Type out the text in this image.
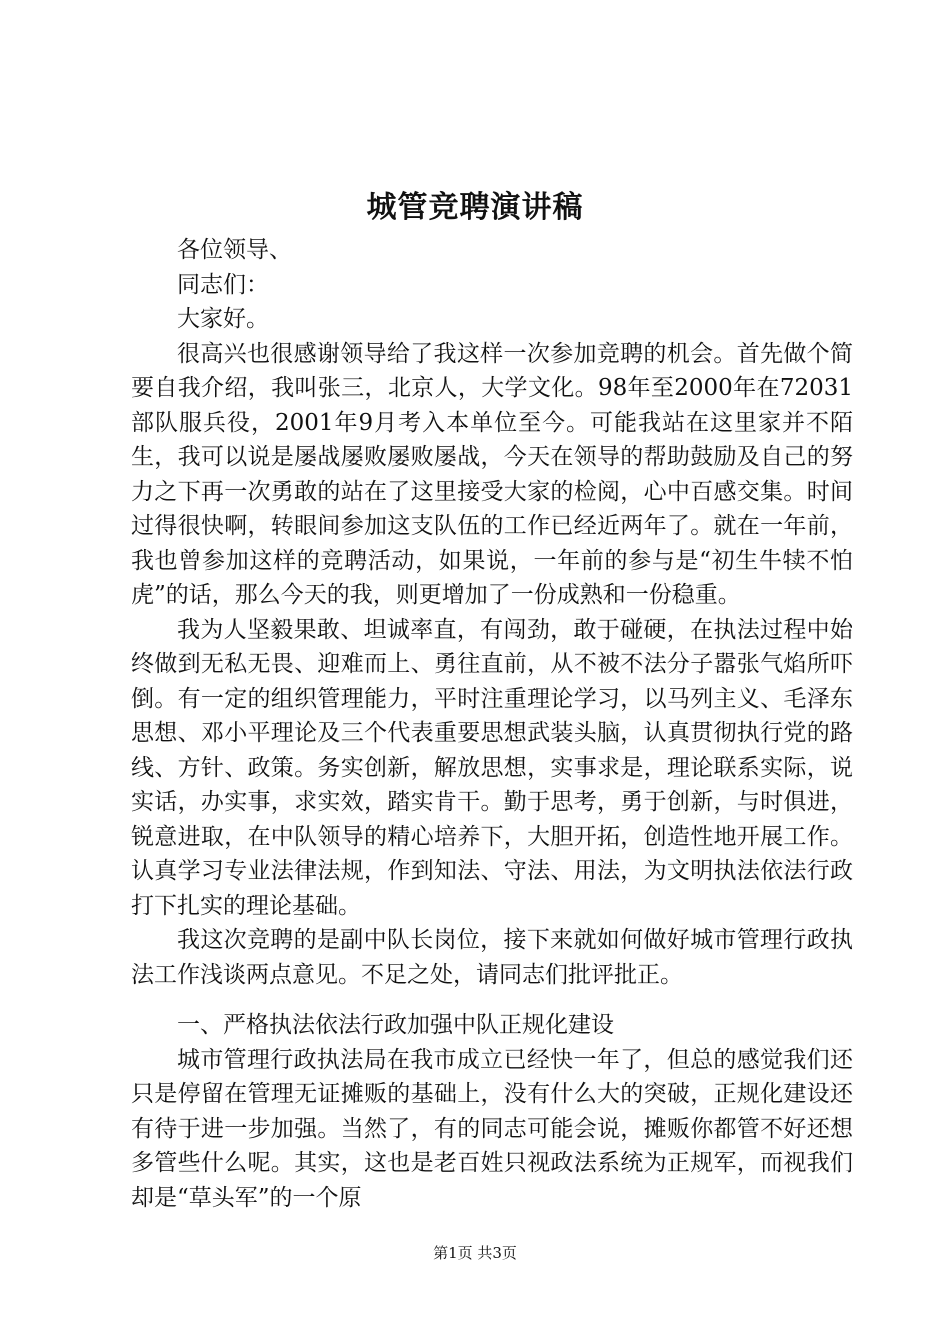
城管竞聘演讲稿

各位领导、

同志们：

大家好。

很高兴也很感谢领导给了我这样一次参加竞聘的机会。首先做个简要自我介绍，我叫张三，北京人，大学文化。98年至2000年在72031部队服兵役，2001年9月考入本单位至今。可能我站在这里家并不陌生，我可以说是屡战屡败屡败屡战，今天在领导的帮助鼓励及自己的努力之下再一次勇敢的站在了这里接受大家的检阅，心中百感交集。时间过得很快啊，转眼间参加这支队伍的工作已经近两年了。就在一年前，我也曾参加这样的竞聘活动，如果说，一年前的参与是“初生牛犊不怕虎”的话，那么今天的我，则更增加了一份成熟和一份稳重。

我为人坚毅果敢、坦诚率直，有闯劲，敢于碰硬，在执法过程中始终做到无私无畏、迎难而上、勇往直前，从不被不法分子嚣张气焰所吓倒。有一定的组织管理能力，平时注重理论学习，以马列主义、毛泽东思想、邓小平理论及三个代表重要思想武装头脑，认真贯彻执行党的路线、方针、政策。务实创新，解放思想，实事求是，理论联系实际，说实话，办实事，求实效，踏实肯干。勤于思考，勇于创新，与时俱进，锐意进取，在中队领导的精心培养下，大胆开拓，创造性地开展工作。认真学习专业法律法规，作到知法、守法、用法，为文明执法依法行政打下扎实的理论基础。

我这次竞聘的是副中队长岗位，接下来就如何做好城市管理行政执法工作浅谈两点意见。不足之处，请同志们批评批正。

一、严格执法依法行政加强中队正规化建设

城市管理行政执法局在我市成立已经快一年了，但总的感觉我们还只是停留在管理无证摊贩的基础上，没有什么大的突破，正规化建设还有待于进一步加强。当然了，有的同志可能会说，摊贩你都管不好还想多管些什么呢。其实，这也是老百姓只视政法系统为正规军，而视我们却是“草头军”的一个原

第1页 共3页
